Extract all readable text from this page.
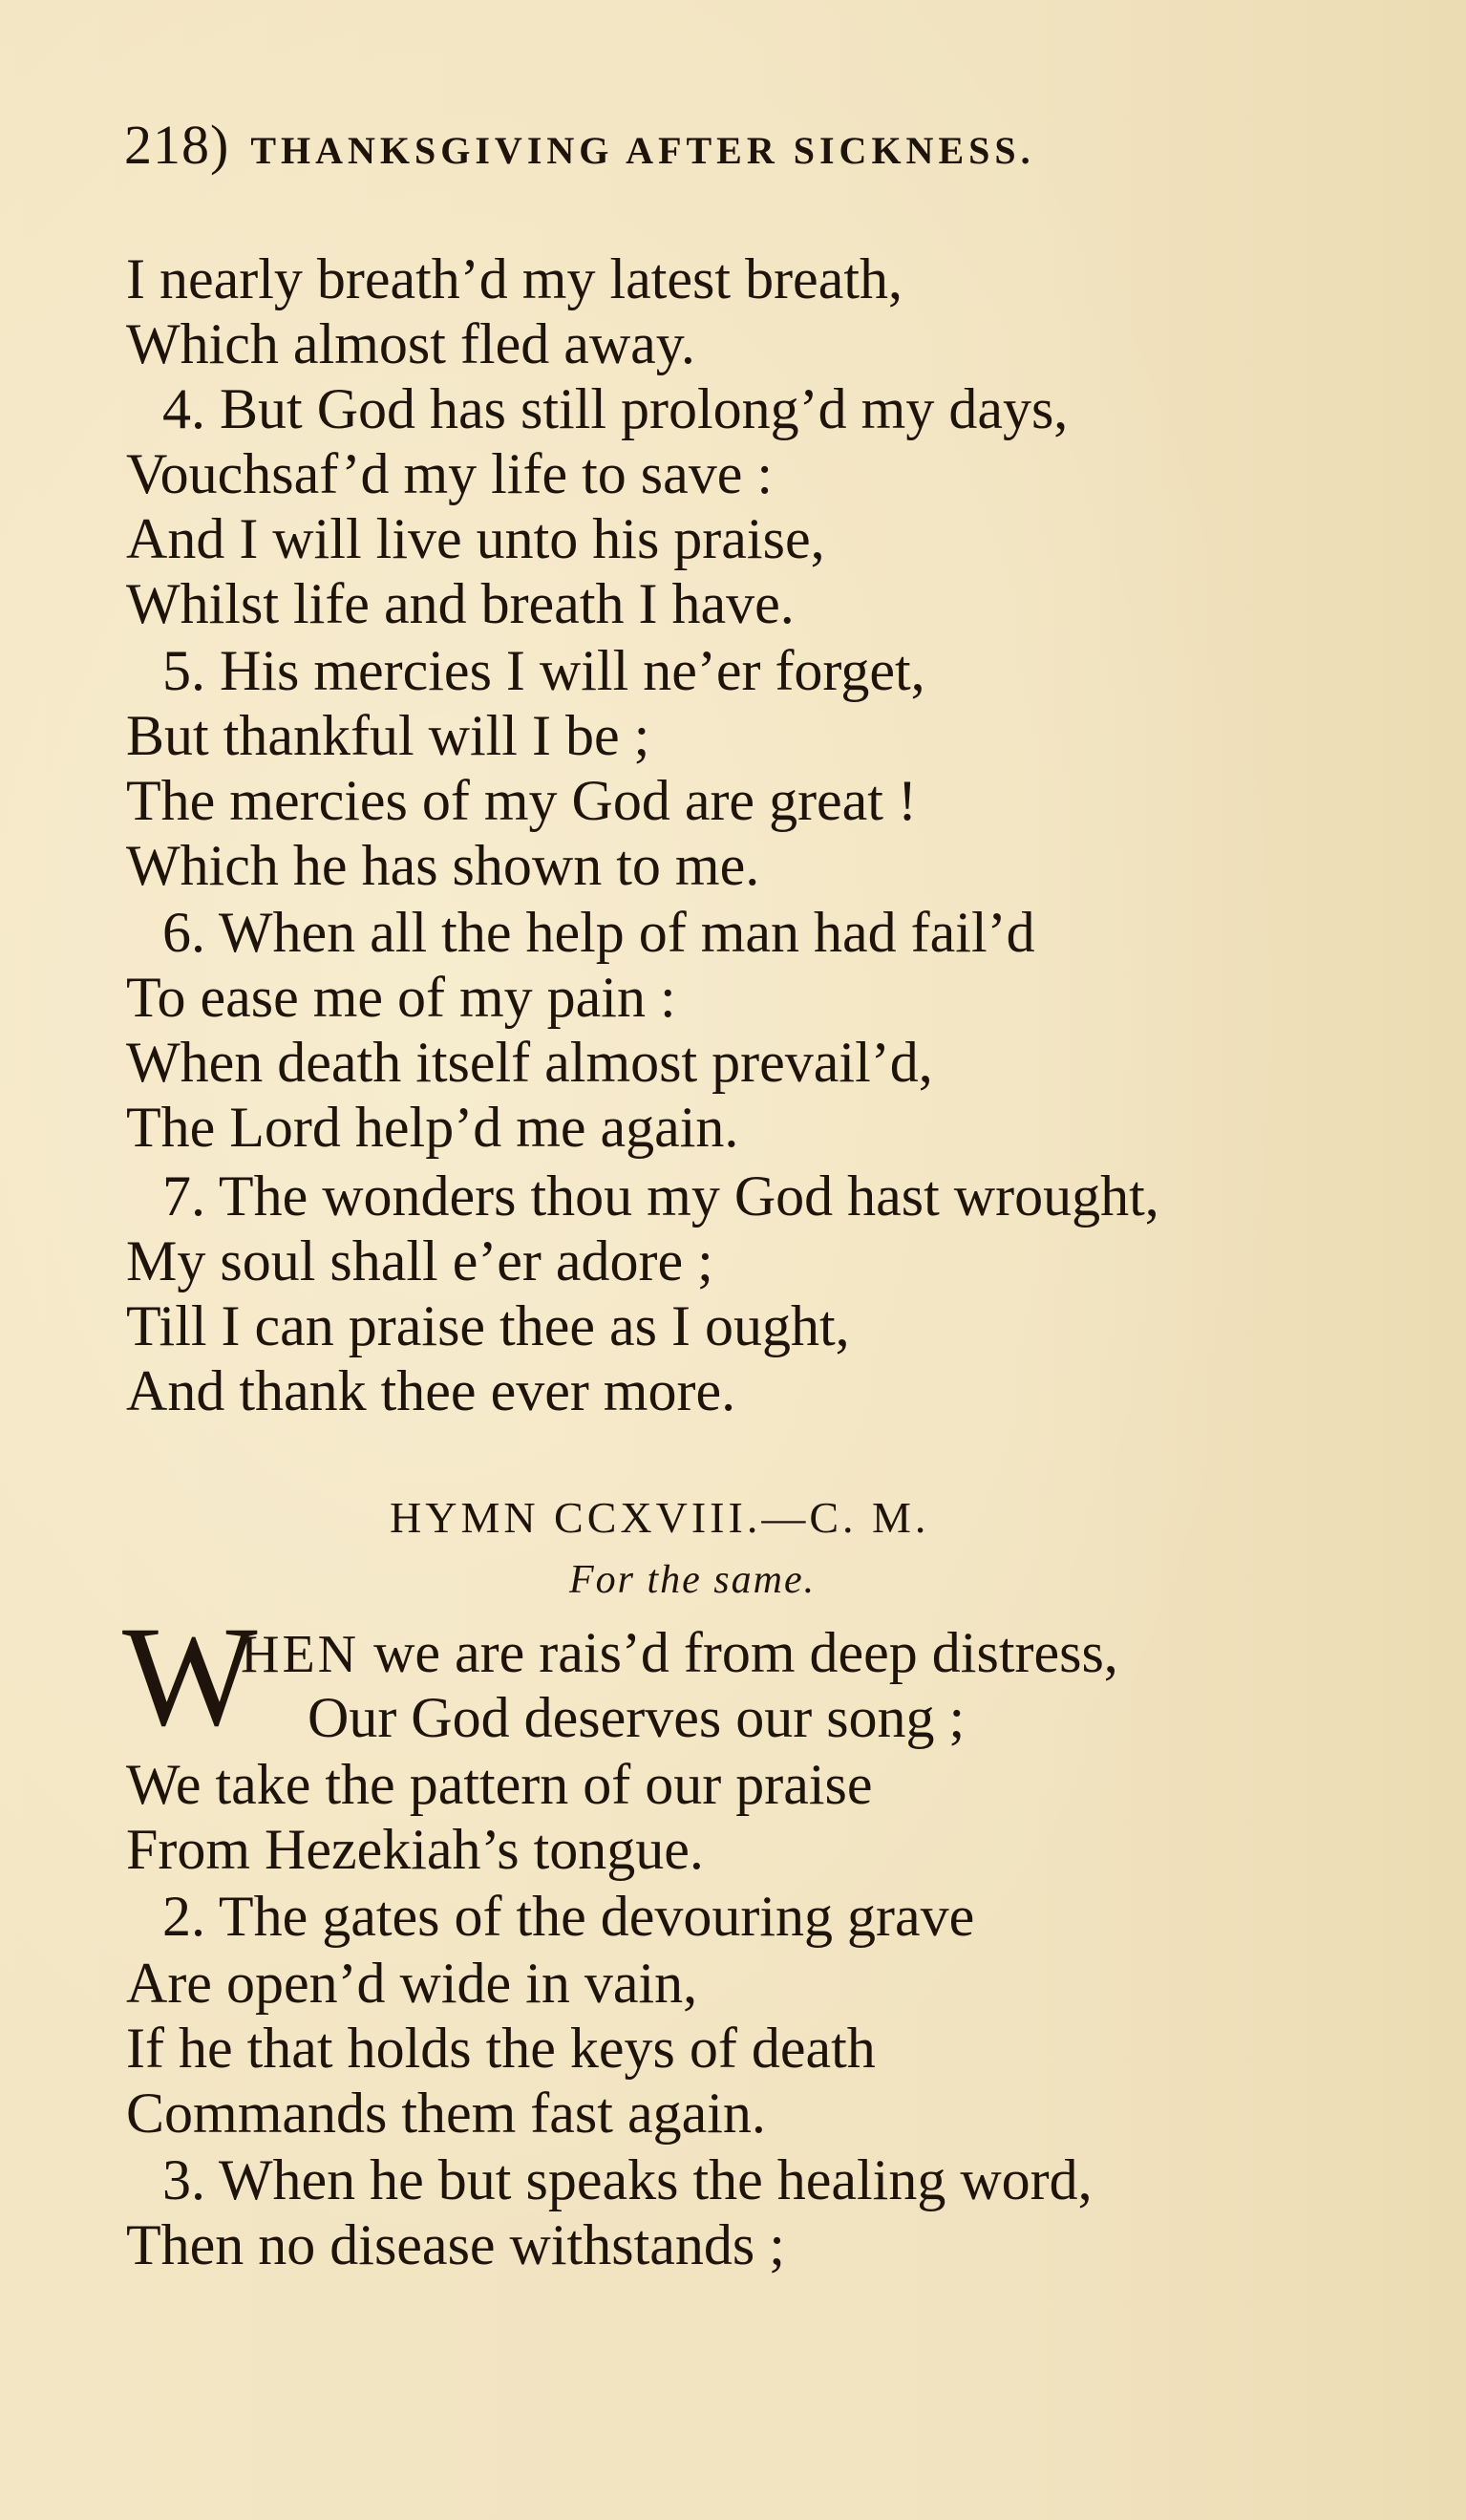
218) THANKSGIVING AFTER SICKNESS.
I nearly breath’d my latest breath,
Which almost fled away.
4. But God has still prolong’d my days,
Vouchsaf’d my life to save :
And I will live unto his praise,
Whilst life and breath I have.
5. His mercies I will ne’er forget,
But thankful will I be ;
The mercies of my God are great !
Which he has shown to me.
6. When all the help of man had fail’d
To ease me of my pain :
When death itself almost prevail’d,
The Lord help’d me again.
7. The wonders thou my God hast wrought,
My soul shall e’er adore ;
Till I can praise thee as I ought,
And thank thee ever more.
HYMN CCXVIII.—C. M.
For the same.
W
HEN we are rais’d from deep distress,
Our God deserves our song ;
We take the pattern of our praise
From Hezekiah’s tongue.
2. The gates of the devouring grave
Are open’d wide in vain,
If he that holds the keys of death
Commands them fast again.
3. When he but speaks the healing word,
Then no disease withstands ;
